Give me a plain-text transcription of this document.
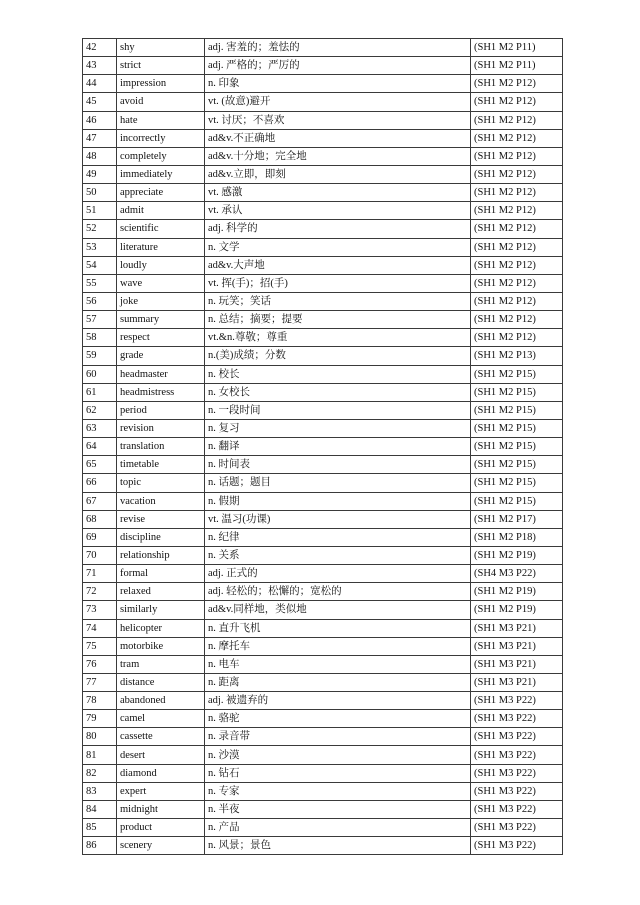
42	shy	adj. 害羞的；羞怯的	(SH1 M2 P11)
43	strict	adj. 严格的；严厉的	(SH1 M2 P11)
44	impression	n. 印象	(SH1 M2 P12)
45	avoid	vt. (故意)避开	(SH1 M2 P12)
46	hate	vt. 讨厌；不喜欢	(SH1 M2 P12)
47	incorrectly	ad&v.不正确地	(SH1 M2 P12)
48	completely	ad&v.十分地；完全地	(SH1 M2 P12)
49	immediately	ad&v.立即，即刻	(SH1 M2 P12)
50	appreciate	vt. 感激	(SH1 M2 P12)
51	admit	vt. 承认	(SH1 M2 P12)
52	scientific	adj. 科学的	(SH1 M2 P12)
53	literature	n. 文学	(SH1 M2 P12)
54	loudly	ad&v.大声地	(SH1 M2 P12)
55	wave	vt. 挥(手)；招(手)	(SH1 M2 P12)
56	joke	n. 玩笑；笑话	(SH1 M2 P12)
57	summary	n. 总结；摘要；提要	(SH1 M2 P12)
58	respect	vt.&n.尊敬；尊重	(SH1 M2 P12)
59	grade	n.(美)成绩；分数	(SH1 M2 P13)
60	headmaster	n. 校长	(SH1 M2 P15)
61	headmistress	n. 女校长	(SH1 M2 P15)
62	period	n. 一段时间	(SH1 M2 P15)
63	revision	n. 复习	(SH1 M2 P15)
64	translation	n. 翻译	(SH1 M2 P15)
65	timetable	n. 时间表	(SH1 M2 P15)
66	topic	n. 话题；题目	(SH1 M2 P15)
67	vacation	n. 假期	(SH1 M2 P15)
68	revise	vt. 温习(功课)	(SH1 M2 P17)
69	discipline	n. 纪律	(SH1 M2 P18)
70	relationship	n. 关系	(SH1 M2 P19)
71	formal	adj. 正式的	(SH4 M3 P22)
72	relaxed	adj. 轻松的；松懈的；宽松的	(SH1 M2 P19)
73	similarly	ad&v.同样地，类似地	(SH1 M2 P19)
74	helicopter	n. 直升飞机	(SH1 M3 P21)
75	motorbike	n. 摩托车	(SH1 M3 P21)
76	tram	n. 电车	(SH1 M3 P21)
77	distance	n. 距离	(SH1 M3 P21)
78	abandoned	adj. 被遗弃的	(SH1 M3 P22)
79	camel	n. 骆驼	(SH1 M3 P22)
80	cassette	n. 录音带	(SH1 M3 P22)
81	desert	n. 沙漠	(SH1 M3 P22)
82	diamond	n. 钻石	(SH1 M3 P22)
83	expert	n. 专家	(SH1 M3 P22)
84	midnight	n. 半夜	(SH1 M3 P22)
85	product	n. 产品	(SH1 M3 P22)
86	scenery	n. 风景；景色	(SH1 M3 P22)
